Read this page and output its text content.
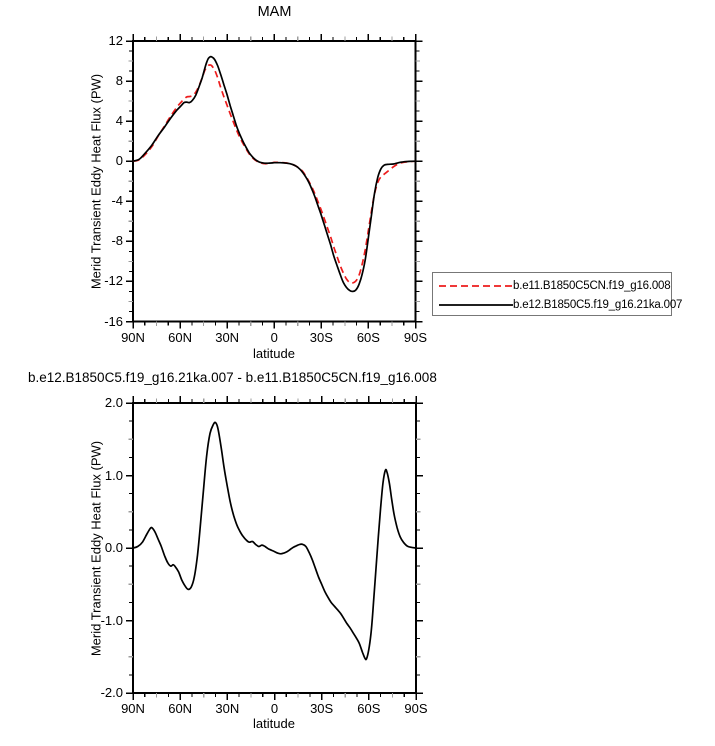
MAM
Merid Transient Eddy Heat Flux (PW)
latitude
b.e11.B1850C5CN.f19_g16.008
b.e12.B1850C5.f19_g16.21ka.007
b.e12.B1850C5.f19_g16.21ka.007 - b.e11.B1850C5CN.f19_g16.008
Merid Transient Eddy Heat Flux (PW)
latitude
90N	60N	30N	0	30S	60S	90S
12
8
4
0
-4
-8
-12
-16
90N	60N	30N	0	30S	60S	90S
2.0
1.0
0.0
-1.0
-2.0
